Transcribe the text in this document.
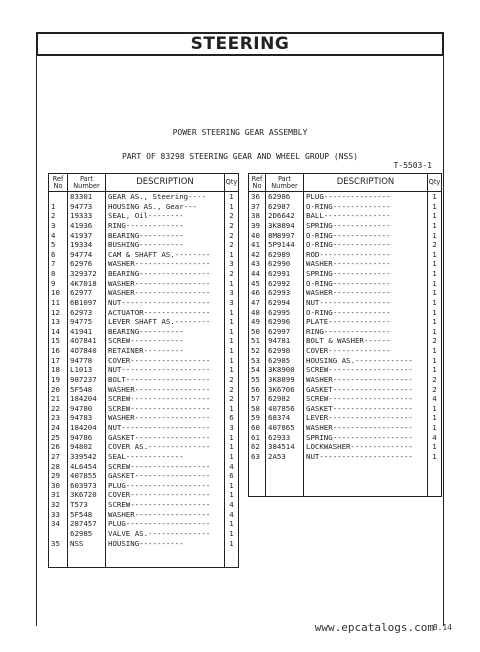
STEERING
POWER STEERING GEAR ASSEMBLY
PART OF 83298 STEERING GEAR AND WHEEL GROUP (NSS)
T-5503-1
Ref No	Part Number	DESCRIPTION	Qty
	83301	GEAR AS., Steering----	1
1	94773	HOUSING AS., Gear---	1
2	19333	SEAL, Oil--------	2
3	41936	RING-------------	2
4	41937	BEARING----------	2
5	19334	BUSHING----------	2
6	94774	CAM & SHAFT AS.--------	1
7	62976	WASHER-----------------	3
8	329372	BEARING----------------	2
9	4K7018	WASHER-----------------	1
10	62977	WASHER-----------------	3
11	6B1097	NUT--------------------	3
12	62973	ACTUATOR---------------	1
13	94775	LEVER SHAFT AS.--------	1
14	41941	BEARING----------	1
15	4O7841	SCREW------------	1
16	4O7840	RETAINER---------	1
17	94778	COVER------------------	1
18	L1013	NUT--------------------	1
19	987237	BOLT-------------------	2
20	5F548	WASHER-----------------	2
21	184204	SCREW------------------	2
22	94780	SCREW------------------	1
23	94783	WASHER-----------------	6
24	184204	NUT--------------------	3
25	94786	GASKET-----------------	1
26	94802	COVER AS.--------------	1
27	339542	SEAL-------------	1
28	4L6454	SCREW------------------	4
29	407855	GASKET-----------------	6
30	603973	PLUG-------------------	1
31	3K6720	COVER------------------	1
32	T573	SCREW------------------	4
33	5F548	WASHER-----------------	4
34	287457	PLUG-------------------	1
	62985	VALVE AS.--------------	1
35	NSS	HOUSING----------	1

Ref No	Part Number	DESCRIPTION	Qty
36	62986	PLUG---------------	1
37	62987	O-RING-------------	1
38	2D6642	BALL---------------	1
39	3K8894	SPRING-------------	1
40	8M8997	O-RING-------------	1
41	5P9144	O-RING-------------	2
42	62989	ROD----------------	1
43	62990	WASHER-------------	1
44	62991	SPRING-------------	1
45	62992	O-RING-------------	1
46	62993	WASHER-------------	1
47	62994	NUT----------------	1
48	62995	O-RING-------------	1
49	62996	PLATE--------------	1
50	62997	RING---------------	1
51	94781	BOLT & WASHER------	2
52	62998	COVER--------------	1
53	62985	HOUSING AS.-------------	1
54	3K8900	SCREW-------------------	1
55	3K8899	WASHER------------------	2
56	3K6706	GASKET------------------	2
57	62982	SCREW-------------------	4
58	407856	GASKET------------------	1
59	68374	LEVER-------------------	1
60	407865	WASHER------------------	1
61	62933	SPRING------------------	4
62	384514	LOCKWASHER--------------	1
63	2A53	NUT---------------------	1

www.epcatalogs.com
8.14
